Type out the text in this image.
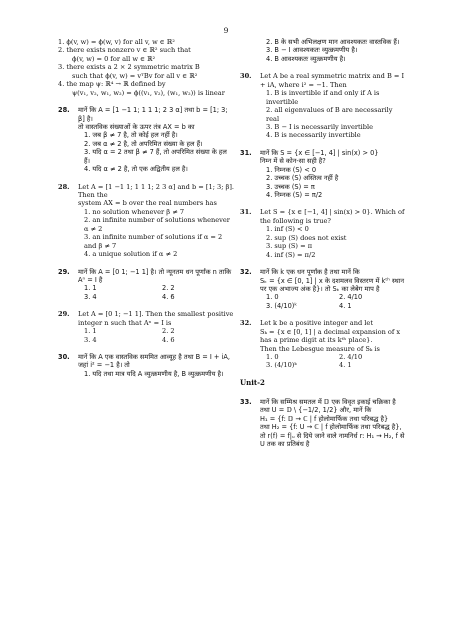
9
1. ϕ(v, w) = ϕ(w, v) for all v, w ∈ ℝ²
2. there exists nonzero v ∈ ℝ² such that
ϕ(v, w) = 0 for all w ∈ ℝ²
3. there exists a 2 × 2 symmetric matrix B
such that ϕ(v, w) = vᵀBv for all v ∈ ℝ²
4. the map ψ: ℝ⁴ → ℝ defined by
ψ(v₁, v₂, w₁, w₂) = ϕ((v₁, v₂), (w₁, w₂)) is linear
28.	मानें कि A = [1 −1 1; 1 1 1; 2 3 α] तथा b = [1; 3; β] है।
तो वास्तविक संख्याओं के ऊपर तंत्र AX = b का
1. जब β ≠ 7 है, तो कोई हल नहीं है।
2. जब α ≠ 2 है, तो अपरिमित संख्या के हल हैं।
3. यदि α = 2 तथा β ≠ 7 हैं, तो अपरिमित संख्या के हल हैं।
4. यदि α ≠ 2 है, तो एक अद्वितीय हल है।
28.	Let A = [1 −1 1; 1 1 1; 2 3 α] and b = [1; 3; β]. Then the
system AX = b over the real numbers has
1. no solution whenever β ≠ 7
2. an infinite number of solutions whenever α ≠ 2
3. an infinite number of solutions if α = 2 and β ≠ 7
4. a unique solution if α ≠ 2
29.	मानें कि A = [0 1; −1 1] है। तो न्यूनतम धन पूर्णांक n ताकि Aⁿ = I है
1. 1	2. 2
3. 4	4. 6
29.	Let A = [0 1; −1 1]. Then the smallest positive integer n such that Aⁿ = I is
1. 1	2. 2
3. 4	4. 6
30.	मानें कि A एक वास्तविक सममित आव्यूह है तथा B = I + iA, जहां i² = −1 है। तो
1. यदि तथा मात्र यदि A व्युत्क्रमणीय है, B व्युत्क्रमणीय है।
2. B के सभी अभिलक्षण मान आवश्यकतः वास्तविक हैं।
3. B − I आवश्यकतः व्युत्क्रमणीय है।
4. B आवश्यकतः व्युत्क्रमणीय है।
30.	Let A be a real symmetric matrix and B = I + iA, where i² = −1. Then
1. B is invertible if and only if A is invertible
2. all eigenvalues of B are necessarily real
3. B − I is necessarily invertible
4. B is necessarily invertible
31.	मानें कि S = {x ∈ [−1, 4] | sin(x) > 0}
निम्न में से कोन-सा सही है?
1. निम्नक (S) < 0
2. उच्चक (S) अस्तित्व नहीं है
3. उच्चक (S) = π
4. निम्नक (S) = π/2
31.	Let S = {x ∈ [−1, 4] | sin(x) > 0}. Which of the following is true?
1. inf (S) < 0
2. sup (S) does not exist
3. sup (S) = π
4. inf (S) = π/2
32.	मानें कि k एक धन पूर्णांक है तथा मानें कि
Sₖ = {x ∈ [0, 1] | x के दशमलव विस्तरण में kᵗʰ स्थान पर एक अभाज्य अंक है}। तो Sₖ का लेबेग माप है
1. 0	2. 4/10
3. (4/10)ᵏ	4. 1
32.	Let k be a positive integer and let
Sₖ = {x ∈ [0, 1] | a decimal expansion of x has a prime digit at its kᵗʰ place}.
Then the Lebesgue measure of Sₖ is
1. 0	2. 4/10
3. (4/10)ᵏ	4. 1
Unit-2
33.	मानें कि सम्मिश्र समतल में 𝔻 एक विवृत इकाई चक्रिका है तथा U = 𝔻 \ {−1/2, 1/2} और, मानें कि
H₁ = {f: 𝔻 → ℂ | f होलोमार्फिक तथा परिबद्ध है}
तथा H₂ = {f: U → ℂ | f होलोमार्फिक तथा परिबद्ध है}, तो r(f) = f|ᵤ से दिये जाने वाले नामनिर्ध r: H₁ → H₂, f से U तक का प्रतिबंध है
